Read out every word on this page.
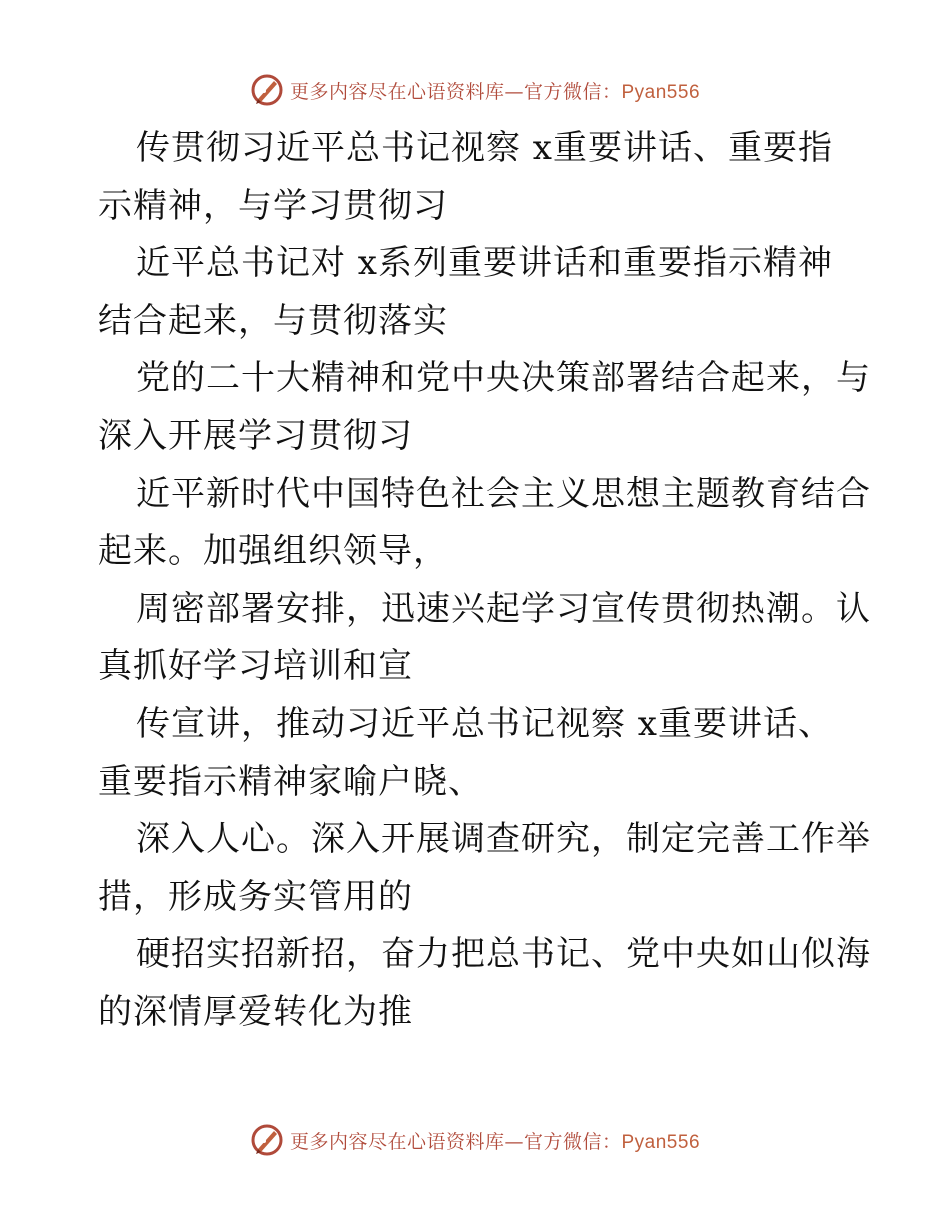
更多内容尽在心语资料库—官方微信：Pyan556
传贯彻习近平总书记视察 x重要讲话、重要指
示精神，与学习贯彻习
近平总书记对 x系列重要讲话和重要指示精神
结合起来，与贯彻落实
党的二十大精神和党中央决策部署结合起来，与
深入开展学习贯彻习
近平新时代中国特色社会主义思想主题教育结合
起来。加强组织领导，
周密部署安排，迅速兴起学习宣传贯彻热潮。认
真抓好学习培训和宣
传宣讲，推动习近平总书记视察 x重要讲话、
重要指示精神家喻户晓、
深入人心。深入开展调查研究，制定完善工作举
措，形成务实管用的
硬招实招新招，奋力把总书记、党中央如山似海
的深情厚爱转化为推
更多内容尽在心语资料库—官方微信：Pyan556
